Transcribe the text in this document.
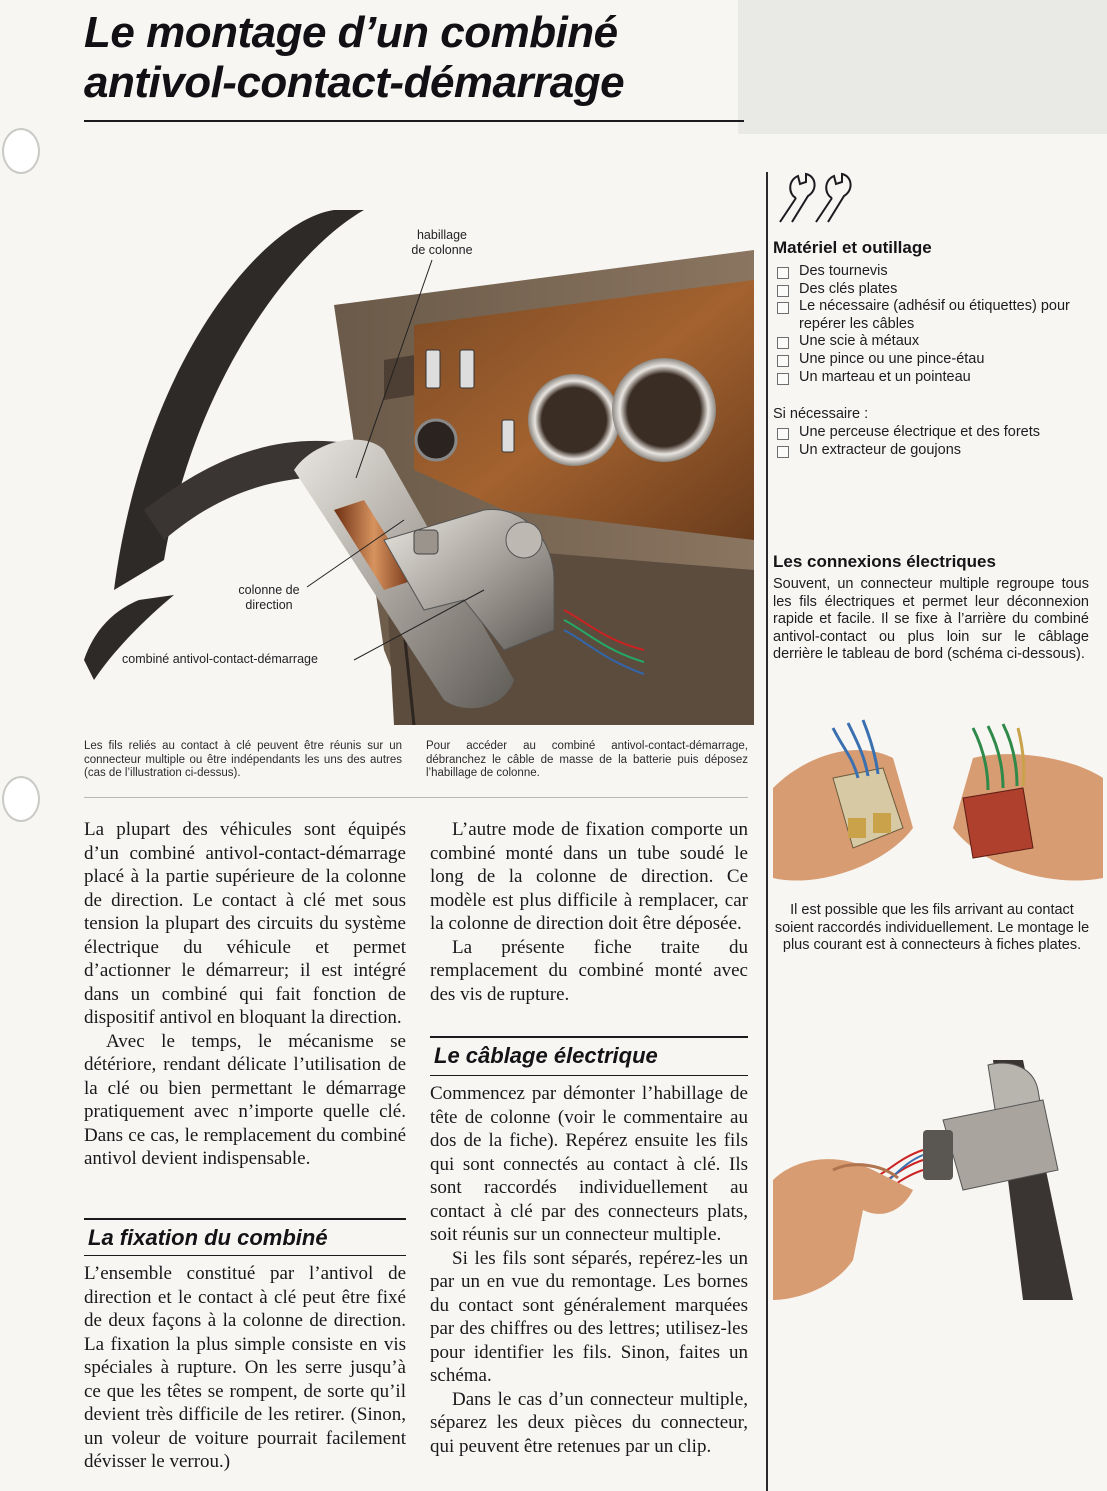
Le montage d’un combiné
antivol-contact-démarrage
habillage
de colonne
colonne de
direction
combiné antivol-contact-démarrage
Les fils reliés au contact à clé peuvent être réunis sur un connecteur multiple ou être indépendants les uns des autres (cas de l’illustration ci-dessus).
Pour accéder au combiné antivol-contact-démarrage, débranchez le câble de masse de la batterie puis déposez l’habillage de colonne.

La plupart des véhicules sont équipés d’un combiné antivol-contact-démarrage placé à la partie supérieure de la colonne de direction. Le contact à clé met sous tension la plupart des circuits du système électrique du véhicule et permet d’actionner le démarreur; il est intégré dans un combiné qui fait fonction de dispositif antivol en bloquant la direction.

Avec le temps, le mécanisme se détériore, rendant délicate l’utilisation de la clé ou bien permettant le démarrage pratiquement avec n’importe quelle clé. Dans ce cas, le remplacement du combiné antivol devient indispensable.

La fixation du combiné

L’ensemble constitué par l’antivol de direction et le contact à clé peut être fixé de deux façons à la colonne de direction. La fixation la plus simple consiste en vis spéciales à rupture. On les serre jusqu’à ce que les têtes se rompent, de sorte qu’il devient très difficile de les retirer. (Sinon, un voleur de voiture pourrait facilement dévisser le verrou.)

L’autre mode de fixation comporte un combiné monté dans un tube soudé le long de la colonne de direction. Ce modèle est plus difficile à remplacer, car la colonne de direction doit être déposée.

La présente fiche traite du remplacement du combiné monté avec des vis de rupture.

Le câblage électrique

Commencez par démonter l’habillage de tête de colonne (voir le commentaire au dos de la fiche). Repérez ensuite les fils qui sont connectés au contact à clé. Ils sont raccordés individuellement au contact à clé par des connecteurs plats, soit réunis sur un connecteur multiple.

Si les fils sont séparés, repérez-les un par un en vue du remontage. Les bornes du contact sont généralement marquées par des chiffres ou des lettres; utilisez-les pour identifier les fils. Sinon, faites un schéma.

Dans le cas d’un connecteur multiple, séparez les deux pièces du connecteur, qui peuvent être retenues par un clip.

Matériel et outillage
Des tournevis
Des clés plates
Le nécessaire (adhésif ou étiquettes) pour repérer les câbles
Une scie à métaux
Une pince ou une pince-étau
Un marteau et un pointeau
Si nécessaire :
Une perceuse électrique et des forets
Un extracteur de goujons
Les connexions électriques
Souvent, un connecteur multiple regroupe tous les fils électriques et permet leur déconnexion rapide et facile. Il se fixe à l’arrière du combiné antivol-contact ou plus loin sur le câblage derrière le tableau de bord (schéma ci-dessous).
Il est possible que les fils arrivant au contact soient raccordés individuellement. Le montage le plus courant est à connecteurs à fiches plates.
